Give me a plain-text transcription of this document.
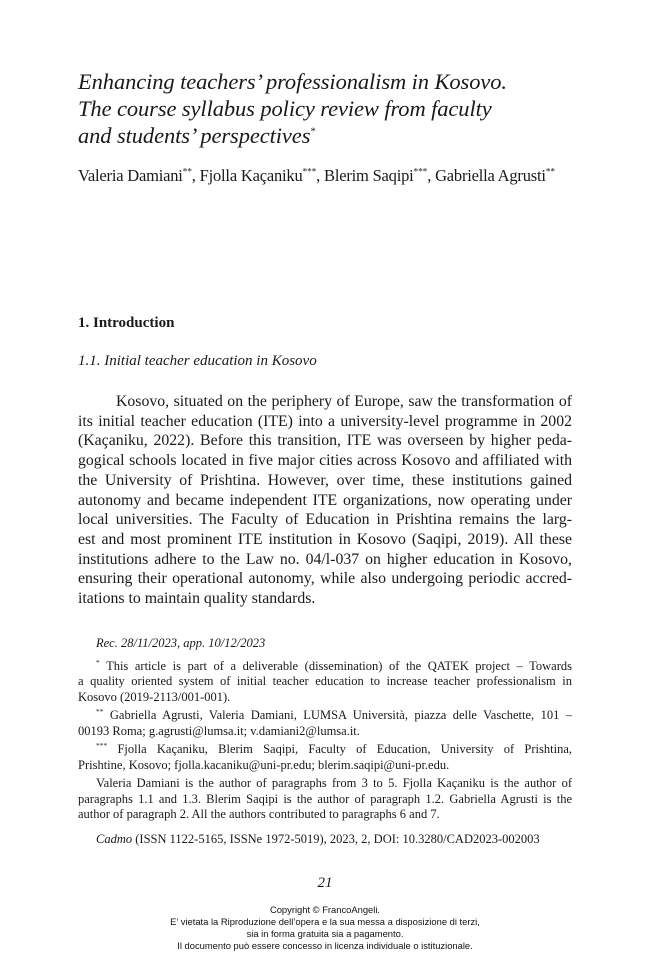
Enhancing teachers’ professionalism in Kosovo.
The course syllabus policy review from faculty
and students’ perspectives*
Valeria Damiani**, Fjolla Kaçaniku***, Blerim Saqipi***, Gabriella Agrusti**
1. Introduction
1.1. Initial teacher education in Kosovo
Kosovo, situated on the periphery of Europe, saw the transformation of
its initial teacher education (ITE) into a university-level programme in 2002
(Kaçaniku, 2022). Before this transition, ITE was overseen by higher peda-
gogical schools located in five major cities across Kosovo and affiliated with
the University of Prishtina. However, over time, these institutions gained
autonomy and became independent ITE organizations, now operating under
local universities. The Faculty of Education in Prishtina remains the larg-
est and most prominent ITE institution in Kosovo (Saqipi, 2019). All these
institutions adhere to the Law no. 04/l-037 on higher education in Kosovo,
ensuring their operational autonomy, while also undergoing periodic accred-
itations to maintain quality standards.
Rec. 28/11/2023, app. 10/12/2023
* This article is part of a deliverable (dissemination) of the QATEK project – Towards
a quality oriented system of initial teacher education to increase teacher professionalism in
Kosovo (2019-2113/001-001).
** Gabriella Agrusti, Valeria Damiani, LUMSA Università, piazza delle Vaschette, 101 –
00193 Roma; g.agrusti@lumsa.it; v.damiani2@lumsa.it.
*** Fjolla Kaçaniku, Blerim Saqipi, Faculty of Education, University of Prishtina,
Prishtine, Kosovo; fjolla.kacaniku@uni-pr.edu; blerim.saqipi@uni-pr.edu.
Valeria Damiani is the author of paragraphs from 3 to 5. Fjolla Kaçaniku is the author of
paragraphs 1.1 and 1.3. Blerim Saqipi is the author of paragraph 1.2. Gabriella Agrusti is the
author of paragraph 2. All the authors contributed to paragraphs 6 and 7.
Cadmo (ISSN 1122-5165, ISSNe 1972-5019), 2023, 2, DOI: 10.3280/CAD2023-002003
21
Copyright © FrancoAngeli.
E’ vietata la Riproduzione dell’opera e la sua messa a disposizione di terzi,
sia in forma gratuita sia a pagamento.
Il documento può essere concesso in licenza individuale o istituzionale.
